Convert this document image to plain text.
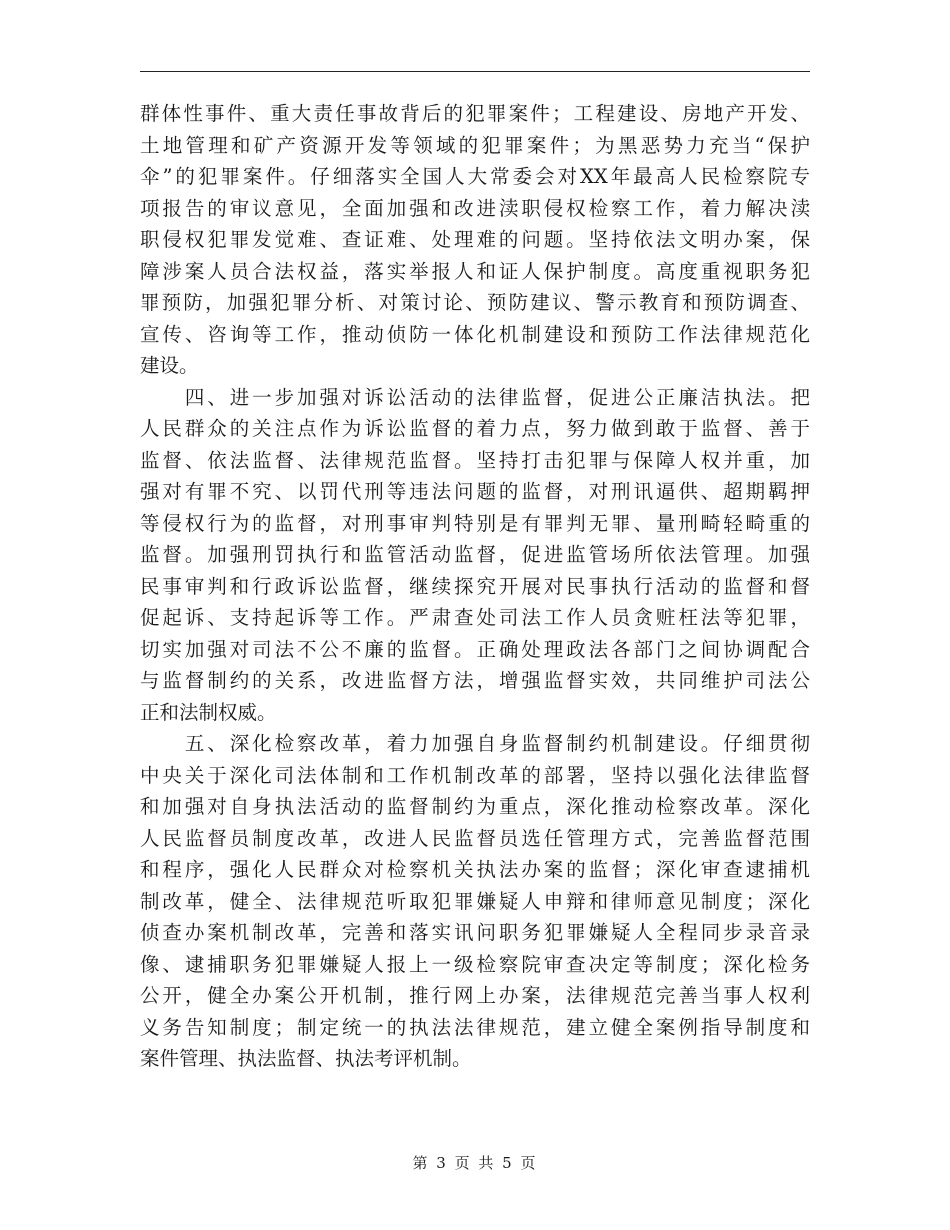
群体性事件、重大责任事故背后的犯罪案件；工程建设、房地产开发、
土地管理和矿产资源开发等领域的犯罪案件；为黑恶势力充当“保护
伞”的犯罪案件。仔细落实全国人大常委会对XX年最高人民检察院专
项报告的审议意见，全面加强和改进渎职侵权检察工作，着力解决渎
职侵权犯罪发觉难、查证难、处理难的问题。坚持依法文明办案，保
障涉案人员合法权益，落实举报人和证人保护制度。高度重视职务犯
罪预防，加强犯罪分析、对策讨论、预防建议、警示教育和预防调查、
宣传、咨询等工作，推动侦防一体化机制建设和预防工作法律规范化
建设。
　　四、进一步加强对诉讼活动的法律监督，促进公正廉洁执法。把
人民群众的关注点作为诉讼监督的着力点，努力做到敢于监督、善于
监督、依法监督、法律规范监督。坚持打击犯罪与保障人权并重，加
强对有罪不究、以罚代刑等违法问题的监督，对刑讯逼供、超期羁押
等侵权行为的监督，对刑事审判特别是有罪判无罪、量刑畸轻畸重的
监督。加强刑罚执行和监管活动监督，促进监管场所依法管理。加强
民事审判和行政诉讼监督，继续探究开展对民事执行活动的监督和督
促起诉、支持起诉等工作。严肃查处司法工作人员贪赃枉法等犯罪，
切实加强对司法不公不廉的监督。正确处理政法各部门之间协调配合
与监督制约的关系，改进监督方法，增强监督实效，共同维护司法公
正和法制权威。
　　五、深化检察改革，着力加强自身监督制约机制建设。仔细贯彻
中央关于深化司法体制和工作机制改革的部署，坚持以强化法律监督
和加强对自身执法活动的监督制约为重点，深化推动检察改革。深化
人民监督员制度改革，改进人民监督员选任管理方式，完善监督范围
和程序，强化人民群众对检察机关执法办案的监督；深化审查逮捕机
制改革，健全、法律规范听取犯罪嫌疑人申辩和律师意见制度；深化
侦查办案机制改革，完善和落实讯问职务犯罪嫌疑人全程同步录音录
像、逮捕职务犯罪嫌疑人报上一级检察院审查决定等制度；深化检务
公开，健全办案公开机制，推行网上办案，法律规范完善当事人权利
义务告知制度；制定统一的执法法律规范，建立健全案例指导制度和
案件管理、执法监督、执法考评机制。
第 3 页 共 5 页
